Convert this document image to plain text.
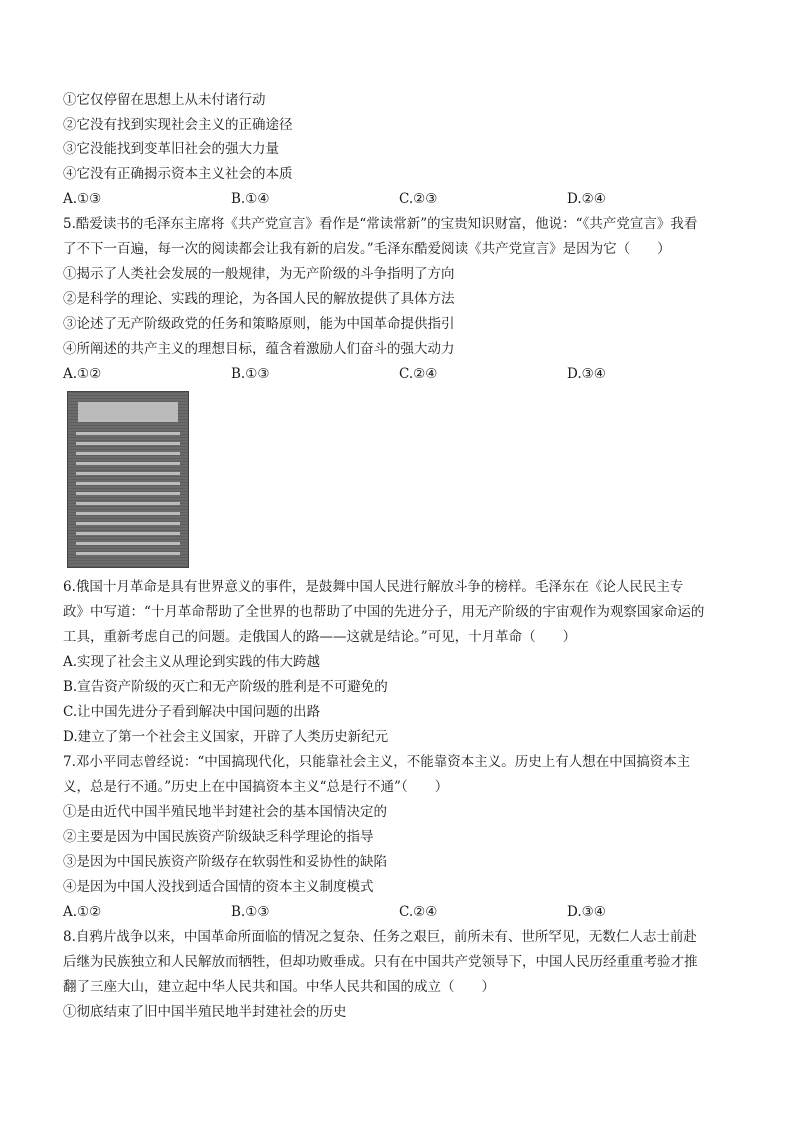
①它仅停留在思想上从未付诸行动
②它没有找到实现社会主义的正确途径
③它没能找到变革旧社会的强大力量
④它没有正确揭示资本主义社会的本质
A.①③	B.①④	C.②③	D.②④
5.酷爱读书的毛泽东主席将《共产党宣言》看作是“常读常新”的宝贵知识财富，他说：“《共产党宣言》我看
了不下一百遍，每一次的阅读都会让我有新的启发。”毛泽东酷爱阅读《共产党宣言》是因为它（　　）
①揭示了人类社会发展的一般规律，为无产阶级的斗争指明了方向
②是科学的理论、实践的理论，为各国人民的解放提供了具体方法
③论述了无产阶级政党的任务和策略原则，能为中国革命提供指引
④所阐述的共产主义的理想目标，蕴含着激励人们奋斗的强大动力
A.①②	B.①③	C.②④	D.③④
6.俄国十月革命是具有世界意义的事件，是鼓舞中国人民进行解放斗争的榜样。毛泽东在《论人民民主专
政》中写道：“十月革命帮助了全世界的也帮助了中国的先进分子，用无产阶级的宇宙观作为观察国家命运的
工具，重新考虑自己的问题。走俄国人的路——这就是结论。”可见，十月革命（　　）
A.实现了社会主义从理论到实践的伟大跨越
B.宣告资产阶级的灭亡和无产阶级的胜利是不可避免的
C.让中国先进分子看到解决中国问题的出路
D.建立了第一个社会主义国家，开辟了人类历史新纪元
7.邓小平同志曾经说：“中国搞现代化，只能靠社会主义，不能靠资本主义。历史上有人想在中国搞资本主
义，总是行不通。”历史上在中国搞资本主义“总是行不通”（　　）
①是由近代中国半殖民地半封建社会的基本国情决定的
②主要是因为中国民族资产阶级缺乏科学理论的指导
③是因为中国民族资产阶级存在软弱性和妥协性的缺陷
④是因为中国人没找到适合国情的资本主义制度模式
A.①②	B.①③	C.②④	D.③④
8.自鸦片战争以来，中国革命所面临的情况之复杂、任务之艰巨，前所未有、世所罕见，无数仁人志士前赴
后继为民族独立和人民解放而牺牲，但却功败垂成。只有在中国共产党领导下，中国人民历经重重考验才推
翻了三座大山，建立起中华人民共和国。中华人民共和国的成立（　　）
①彻底结束了旧中国半殖民地半封建社会的历史
